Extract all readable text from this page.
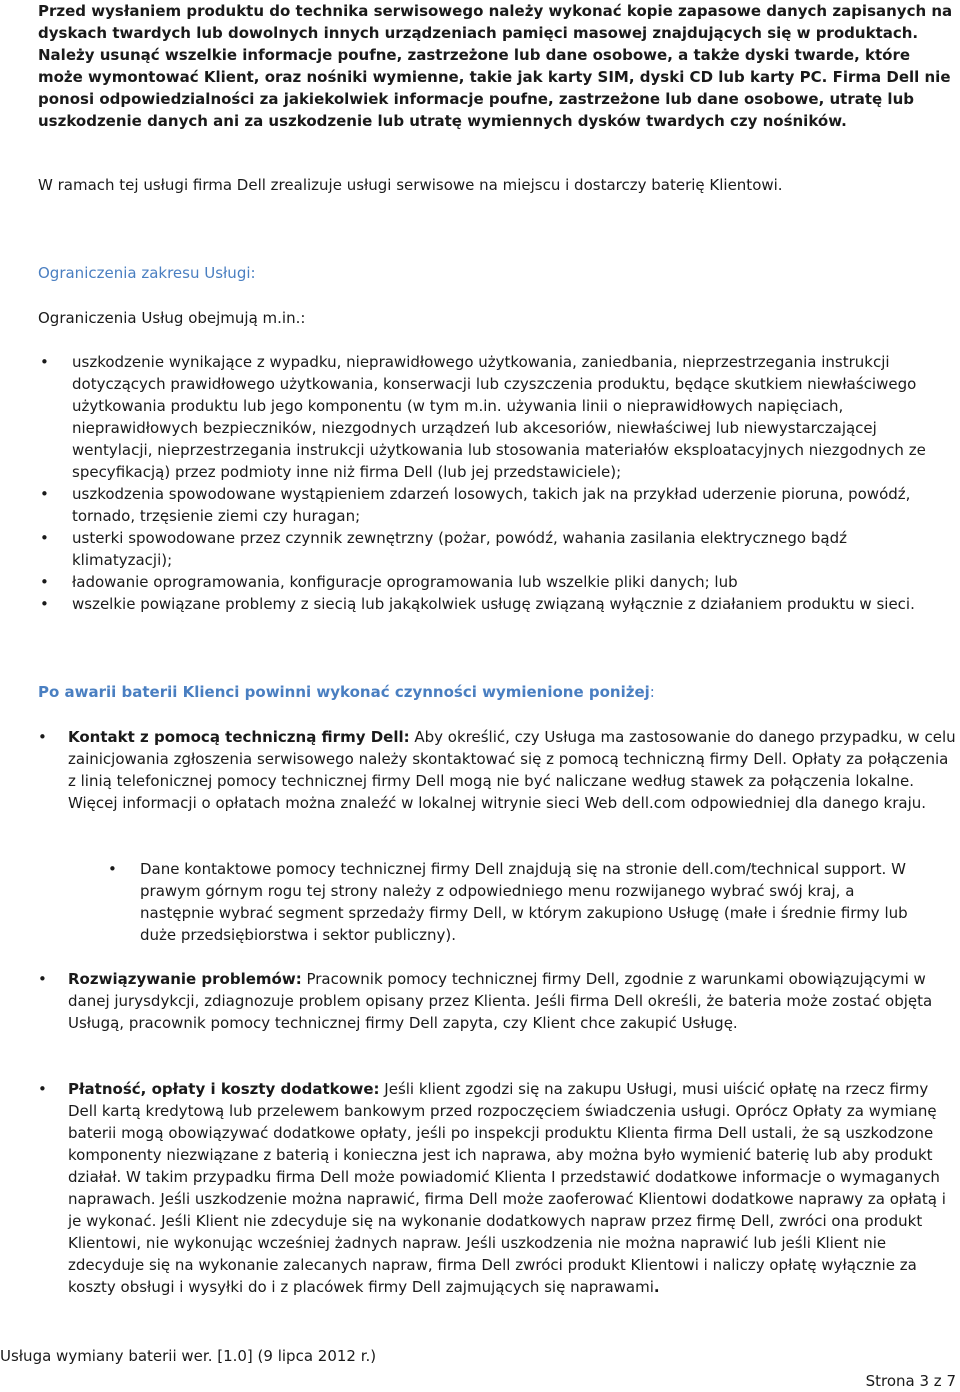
Przed wysłaniem produktu do technika serwisowego należy wykonać kopie zapasowe danych zapisanych na dyskach twardych lub dowolnych innych urządzeniach pamięci masowej znajdujących się w produktach. Należy usunąć wszelkie informacje poufne, zastrzeżone lub dane osobowe, a także dyski twarde, które może wymontować Klient, oraz nośniki wymienne, takie jak karty SIM, dyski CD lub karty PC. Firma Dell nie ponosi odpowiedzialności za jakiekolwiek informacje poufne, zastrzeżone lub dane osobowe, utratę lub uszkodzenie danych ani za uszkodzenie lub utratę wymiennych dysków twardych czy nośników.

W ramach tej usługi firma Dell zrealizuje usługi serwisowe na miejscu i dostarczy baterię Klientowi.

Ograniczenia zakresu Usługi:

Ograniczenia Usług obejmują m.in.:

• uszkodzenie wynikające z wypadku, nieprawidłowego użytkowania, zaniedbania, nieprzestrzegania instrukcji dotyczących prawidłowego użytkowania, konserwacji lub czyszczenia produktu, będące skutkiem niewłaściwego użytkowania produktu lub jego komponentu (w tym m.in. używania linii o nieprawidłowych napięciach, nieprawidłowych bezpieczników, niezgodnych urządzeń lub akcesoriów, niewłaściwej lub niewystarczającej wentylacji, nieprzestrzegania instrukcji użytkowania lub stosowania materiałów eksploatacyjnych niezgodnych ze specyfikacją) przez podmioty inne niż firma Dell (lub jej przedstawiciele);
• uszkodzenia spowodowane wystąpieniem zdarzeń losowych, takich jak na przykład uderzenie pioruna, powódź, tornado, trzęsienie ziemi czy huragan;
• usterki spowodowane przez czynnik zewnętrzny (pożar, powódź, wahania zasilania elektrycznego bądź klimatyzacji);
• ładowanie oprogramowania, konfiguracje oprogramowania lub wszelkie pliki danych; lub
• wszelkie powiązane problemy z siecią lub jakąkolwiek usługę związaną wyłącznie z działaniem produktu w sieci.

Po awarii baterii Klienci powinni wykonać czynności wymienione poniżej:

• Kontakt z pomocą techniczną firmy Dell: Aby określić, czy Usługa ma zastosowanie do danego przypadku, w celu zainicjowania zgłoszenia serwisowego należy skontaktować się z pomocą techniczną firmy Dell. Opłaty za połączenia z linią telefonicznej pomocy technicznej firmy Dell mogą nie być naliczane według stawek za połączenia lokalne. Więcej informacji o opłatach można znaleźć w lokalnej witrynie sieci Web dell.com odpowiedniej dla danego kraju.
• Dane kontaktowe pomocy technicznej firmy Dell znajdują się na stronie dell.com/technical support. W prawym górnym rogu tej strony należy z odpowiedniego menu rozwijanego wybrać swój kraj, a następnie wybrać segment sprzedaży firmy Dell, w którym zakupiono Usługę (małe i średnie firmy lub duże przedsiębiorstwa i sektor publiczny).
• Rozwiązywanie problemów: Pracownik pomocy technicznej firmy Dell, zgodnie z warunkami obowiązującymi w danej jurysdykcji, zdiagnozuje problem opisany przez Klienta. Jeśli firma Dell określi, że bateria może zostać objęta Usługą, pracownik pomocy technicznej firmy Dell zapyta, czy Klient chce zakupić Usługę.
• Płatność, opłaty i koszty dodatkowe: Jeśli klient zgodzi się na zakupu Usługi, musi uiścić opłatę na rzecz firmy Dell kartą kredytową lub przelewem bankowym przed rozpoczęciem świadczenia usługi. Oprócz Opłaty za wymianę baterii mogą obowiązywać dodatkowe opłaty, jeśli po inspekcji produktu Klienta firma Dell ustali, że są uszkodzone komponenty niezwiązane z baterią i konieczna jest ich naprawa, aby można było wymienić baterię lub aby produkt działał. W takim przypadku firma Dell może powiadomić Klienta I przedstawić dodatkowe informacje o wymaganych naprawach. Jeśli uszkodzenie można naprawić, firma Dell może zaoferować Klientowi dodatkowe naprawy za opłatą i je wykonać. Jeśli Klient nie zdecyduje się na wykonanie dodatkowych napraw przez firmę Dell, zwróci ona produkt Klientowi, nie wykonując wcześniej żadnych napraw. Jeśli uszkodzenia nie można naprawić lub jeśli Klient nie zdecyduje się na wykonanie zalecanych napraw, firma Dell zwróci produkt Klientowi i naliczy opłatę wyłącznie za koszty obsługi i wysyłki do i z placówek firmy Dell zajmujących się naprawami.
Usługa wymiany baterii wer. [1.0] (9 lipca 2012 r.)
Strona 3 z 7
